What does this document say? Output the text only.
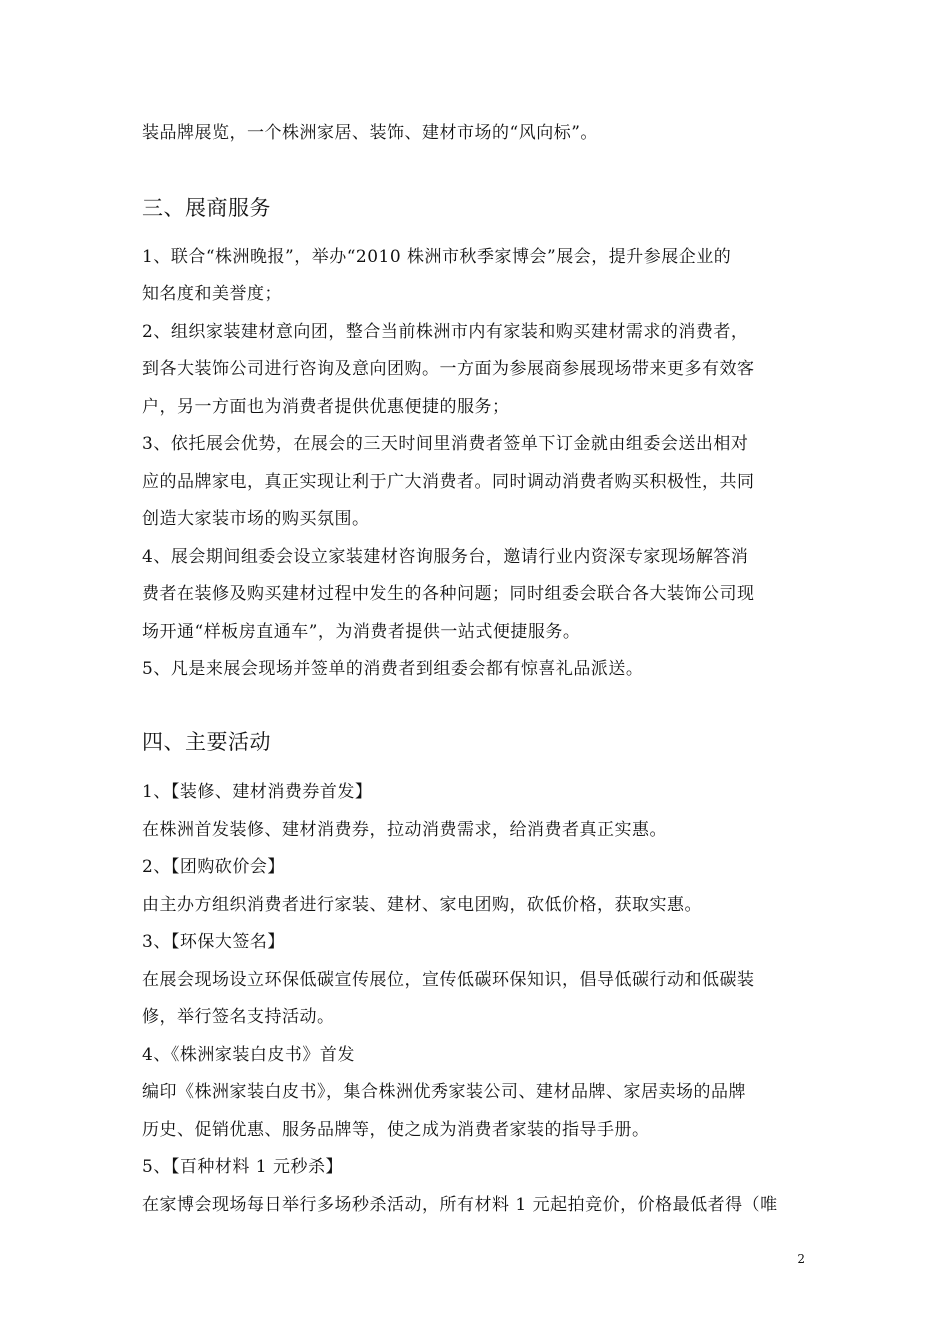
装品牌展览，一个株洲家居、装饰、建材市场的“风向标”。
三、展商服务
1、联合“株洲晚报”，举办“2010 株洲市秋季家博会”展会，提升参展企业的
知名度和美誉度；
2、组织家装建材意向团，整合当前株洲市内有家装和购买建材需求的消费者，
到各大装饰公司进行咨询及意向团购。一方面为参展商参展现场带来更多有效客
户，另一方面也为消费者提供优惠便捷的服务；
3、依托展会优势，在展会的三天时间里消费者签单下订金就由组委会送出相对
应的品牌家电，真正实现让利于广大消费者。同时调动消费者购买积极性，共同
创造大家装市场的购买氛围。
4、展会期间组委会设立家装建材咨询服务台，邀请行业内资深专家现场解答消
费者在装修及购买建材过程中发生的各种问题；同时组委会联合各大装饰公司现
场开通“样板房直通车”，为消费者提供一站式便捷服务。
5、凡是来展会现场并签单的消费者到组委会都有惊喜礼品派送。
四、主要活动
1、【装修、建材消费券首发】
在株洲首发装修、建材消费券，拉动消费需求，给消费者真正实惠。
2、【团购砍价会】
由主办方组织消费者进行家装、建材、家电团购，砍低价格，获取实惠。
3、【环保大签名】
在展会现场设立环保低碳宣传展位，宣传低碳环保知识，倡导低碳行动和低碳装
修，举行签名支持活动。
4、《株洲家装白皮书》首发
编印《株洲家装白皮书》，集合株洲优秀家装公司、建材品牌、家居卖场的品牌
历史、促销优惠、服务品牌等，使之成为消费者家装的指导手册。
5、【百种材料 1 元秒杀】
在家博会现场每日举行多场秒杀活动，所有材料 1 元起拍竞价，价格最低者得（唯
2
